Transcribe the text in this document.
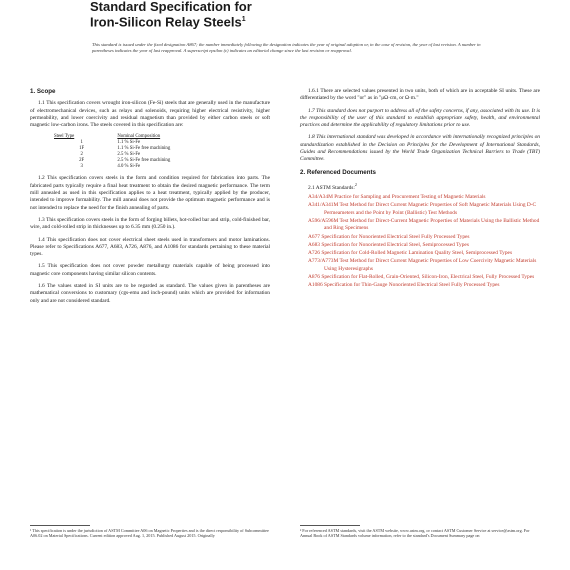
Standard Specification for
Iron-Silicon Relay Steels$^1$
This standard is issued under the fixed designation A867; the number immediately following the designation indicates the year of original adoption or, in the case of revision, the year of last revision. A number in parentheses indicates the year of last reapproval. A superscript epsilon (ε) indicates an editorial change since the last revision or reapproval.
1. Scope
1.1 This specification covers wrought iron-silicon (Fe-Si) steels that are generally used in the manufacture of electromechanical devices, such as relays and solenoids, requiring higher electrical resistivity, higher permeability, and lower coercivity and residual magnetism than provided by either carbon steels or soft magnetic low-carbon irons. The steels covered in this specification are:
Steel Type	Nominal Composition
1	1.1 % Si-Fe
1F	1.1 % Si-Fe free machining
2	2.5 % Si-Fe
2F	2.5 % Si-Fe free machining
3	4.0 % Si-Fe
1.2 This specification covers steels in the form and condition required for fabrication into parts. The fabricated parts typically require a final heat treatment to obtain the desired magnetic performance. The term mill annealed as used in this specification applies to a heat treatment, typically applied by the producer, intended to improve formability. The mill anneal does not provide the optimum magnetic performance and is not intended to replace the need for the finish annealing of parts.
1.3 This specification covers steels in the form of forging billets, hot-rolled bar and strip, cold-finished bar, wire, and cold-rolled strip in thicknesses up to 6.35 mm (0.250 in.).
1.4 This specification does not cover electrical sheet steels used in transformers and motor laminations. Please refer to Specifications A677, A683, A726, A876, and A1086 for standards pertaining to these material types.
1.5 This specification does not cover powder metallurgy materials capable of being processed into magnetic core components having similar silicon contents.
1.6 The values stated in SI units are to be regarded as standard. The values given in parentheses are mathematical conversions to customary (cgs-emu and inch-pound) units which are provided for information only and are not considered standard.
1.6.1 There are selected values presented in two units, both of which are in acceptable SI units. These are differentiated by the word "or" as in "μΩ·cm, or Ω·m."
1.7 This standard does not purport to address all of the safety concerns, if any, associated with its use. It is the responsibility of the user of this standard to establish appropriate safety, health, and environmental practices and determine the applicability of regulatory limitations prior to use.
1.8 This international standard was developed in accordance with internationally recognized principles on standardization established in the Decision on Principles for the Development of International Standards, Guides and Recommendations issued by the World Trade Organization Technical Barriers to Trade (TBT) Committee.
2. Referenced Documents
2.1 ASTM Standards:$^2$
A34/A34M Practice for Sampling and Procurement Testing of Magnetic Materials
A341/A341M Test Method for Direct Current Magnetic Properties of Soft Magnetic Materials Using D-C Permeameters and the Point by Point (Ballistic) Test Methods
A596/A596M Test Method for Direct-Current Magnetic Properties of Materials Using the Ballistic Method and Ring Specimens
A677 Specification for Nonoriented Electrical Steel Fully Processed Types
A683 Specification for Nonoriented Electrical Steel, Semiprocessed Types
A726 Specification for Cold-Rolled Magnetic Lamination Quality Steel, Semiprocessed Types
A773/A773M Test Method for Direct Current Magnetic Properties of Low Coercivity Magnetic Materials Using Hysteresigraphs
A876 Specification for Flat-Rolled, Grain-Oriented, Silicon-Iron, Electrical Steel, Fully Processed Types
A1086 Specification for Thin-Gauge Nonoriented Electrical Steel Fully Processed Types
¹ This specification is under the jurisdiction of ASTM Committee A06 on Magnetic Properties and is the direct responsibility of Subcommittee A06.02 on Material Specifications. Current edition approved Aug. 1, 2015. Published August 2015. Originally
² For referenced ASTM standards, visit the ASTM website, www.astm.org, or contact ASTM Customer Service at service@astm.org. For Annual Book of ASTM Standards volume information, refer to the standard's Document Summary page on
